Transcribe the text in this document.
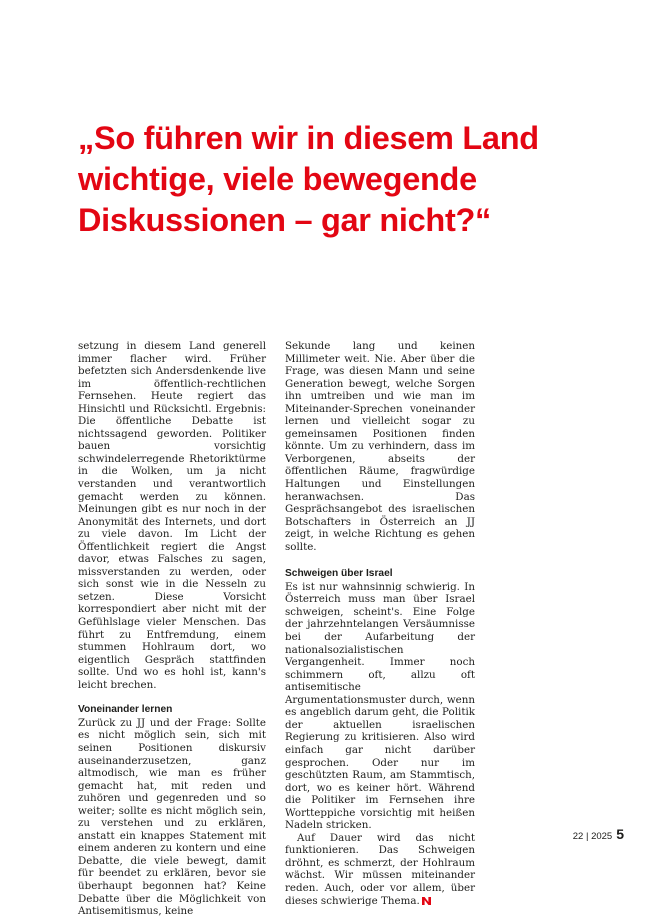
„So führen wir in diesem Land
wichtige, viele bewegende
Diskussionen – gar nicht?“

setzung in diesem Land generell immer flacher wird. Früher befetzten sich Andersdenkende live im öffentlich-rechtlichen Fernsehen. Heute regiert das Hinsichtl und Rücksichtl. Ergebnis: Die öffentliche Debatte ist nichtssagend geworden. Politiker bauen vorsichtig schwindelerregende Rhetoriktürme in die Wolken, um ja nicht verstanden und verantwortlich gemacht werden zu können. Meinungen gibt es nur noch in der Anonymität des Internets, und dort zu viele davon. Im Licht der Öffentlichkeit regiert die Angst davor, etwas Falsches zu sagen, missverstanden zu werden, oder sich sonst wie in die Nesseln zu setzen. Diese Vorsicht korrespondiert aber nicht mit der Gefühlslage vieler Menschen. Das führt zu Entfremdung, einem stummen Hohlraum dort, wo eigentlich Gespräch stattfinden sollte. Und wo es hohl ist, kann's leicht brechen.

Voneinander lernen

Zurück zu JJ und der Frage: Sollte es nicht möglich sein, sich mit seinen Positionen diskursiv auseinanderzusetzen, ganz altmodisch, wie man es früher gemacht hat, mit reden und zuhören und gegenreden und so weiter; sollte es nicht möglich sein, zu verstehen und zu erklären, anstatt ein knappes Statement mit einem anderen zu kontern und eine Debatte, die viele bewegt, damit für beendet zu erklären, bevor sie überhaupt begonnen hat? Keine Debatte über die Möglichkeit von Antisemitismus, keine

Sekunde lang und keinen Millimeter weit. Nie. Aber über die Frage, was diesen Mann und seine Generation bewegt, welche Sorgen ihn umtreiben und wie man im Miteinander-Sprechen voneinander lernen und vielleicht sogar zu gemeinsamen Positionen finden könnte. Um zu verhindern, dass im Verborgenen, abseits der öffentlichen Räume, fragwürdige Haltungen und Einstellungen heranwachsen. Das Gesprächsangebot des israelischen Botschafters in Österreich an JJ zeigt, in welche Richtung es gehen sollte.

Schweigen über Israel

Es ist nur wahnsinnig schwierig. In Österreich muss man über Israel schweigen, scheint's. Eine Folge der jahrzehntelangen Versäumnisse bei der Aufarbeitung der nationalsozialistischen Vergangenheit. Immer noch schimmern oft, allzu oft antisemitische Argumentationsmuster durch, wenn es angeblich darum geht, die Politik der aktuellen israelischen Regierung zu kritisieren. Also wird einfach gar nicht darüber gesprochen. Oder nur im geschützten Raum, am Stammtisch, dort, wo es keiner hört. Während die Politiker im Fernsehen ihre Wortteppiche vorsichtig mit heißen Nadeln stricken.

Auf Dauer wird das nicht funktionieren. Das Schweigen dröhnt, es schmerzt, der Hohlraum wächst. Wir müssen miteinander reden. Auch, oder vor allem, über dieses schwierige Thema.

22 | 2025 5
